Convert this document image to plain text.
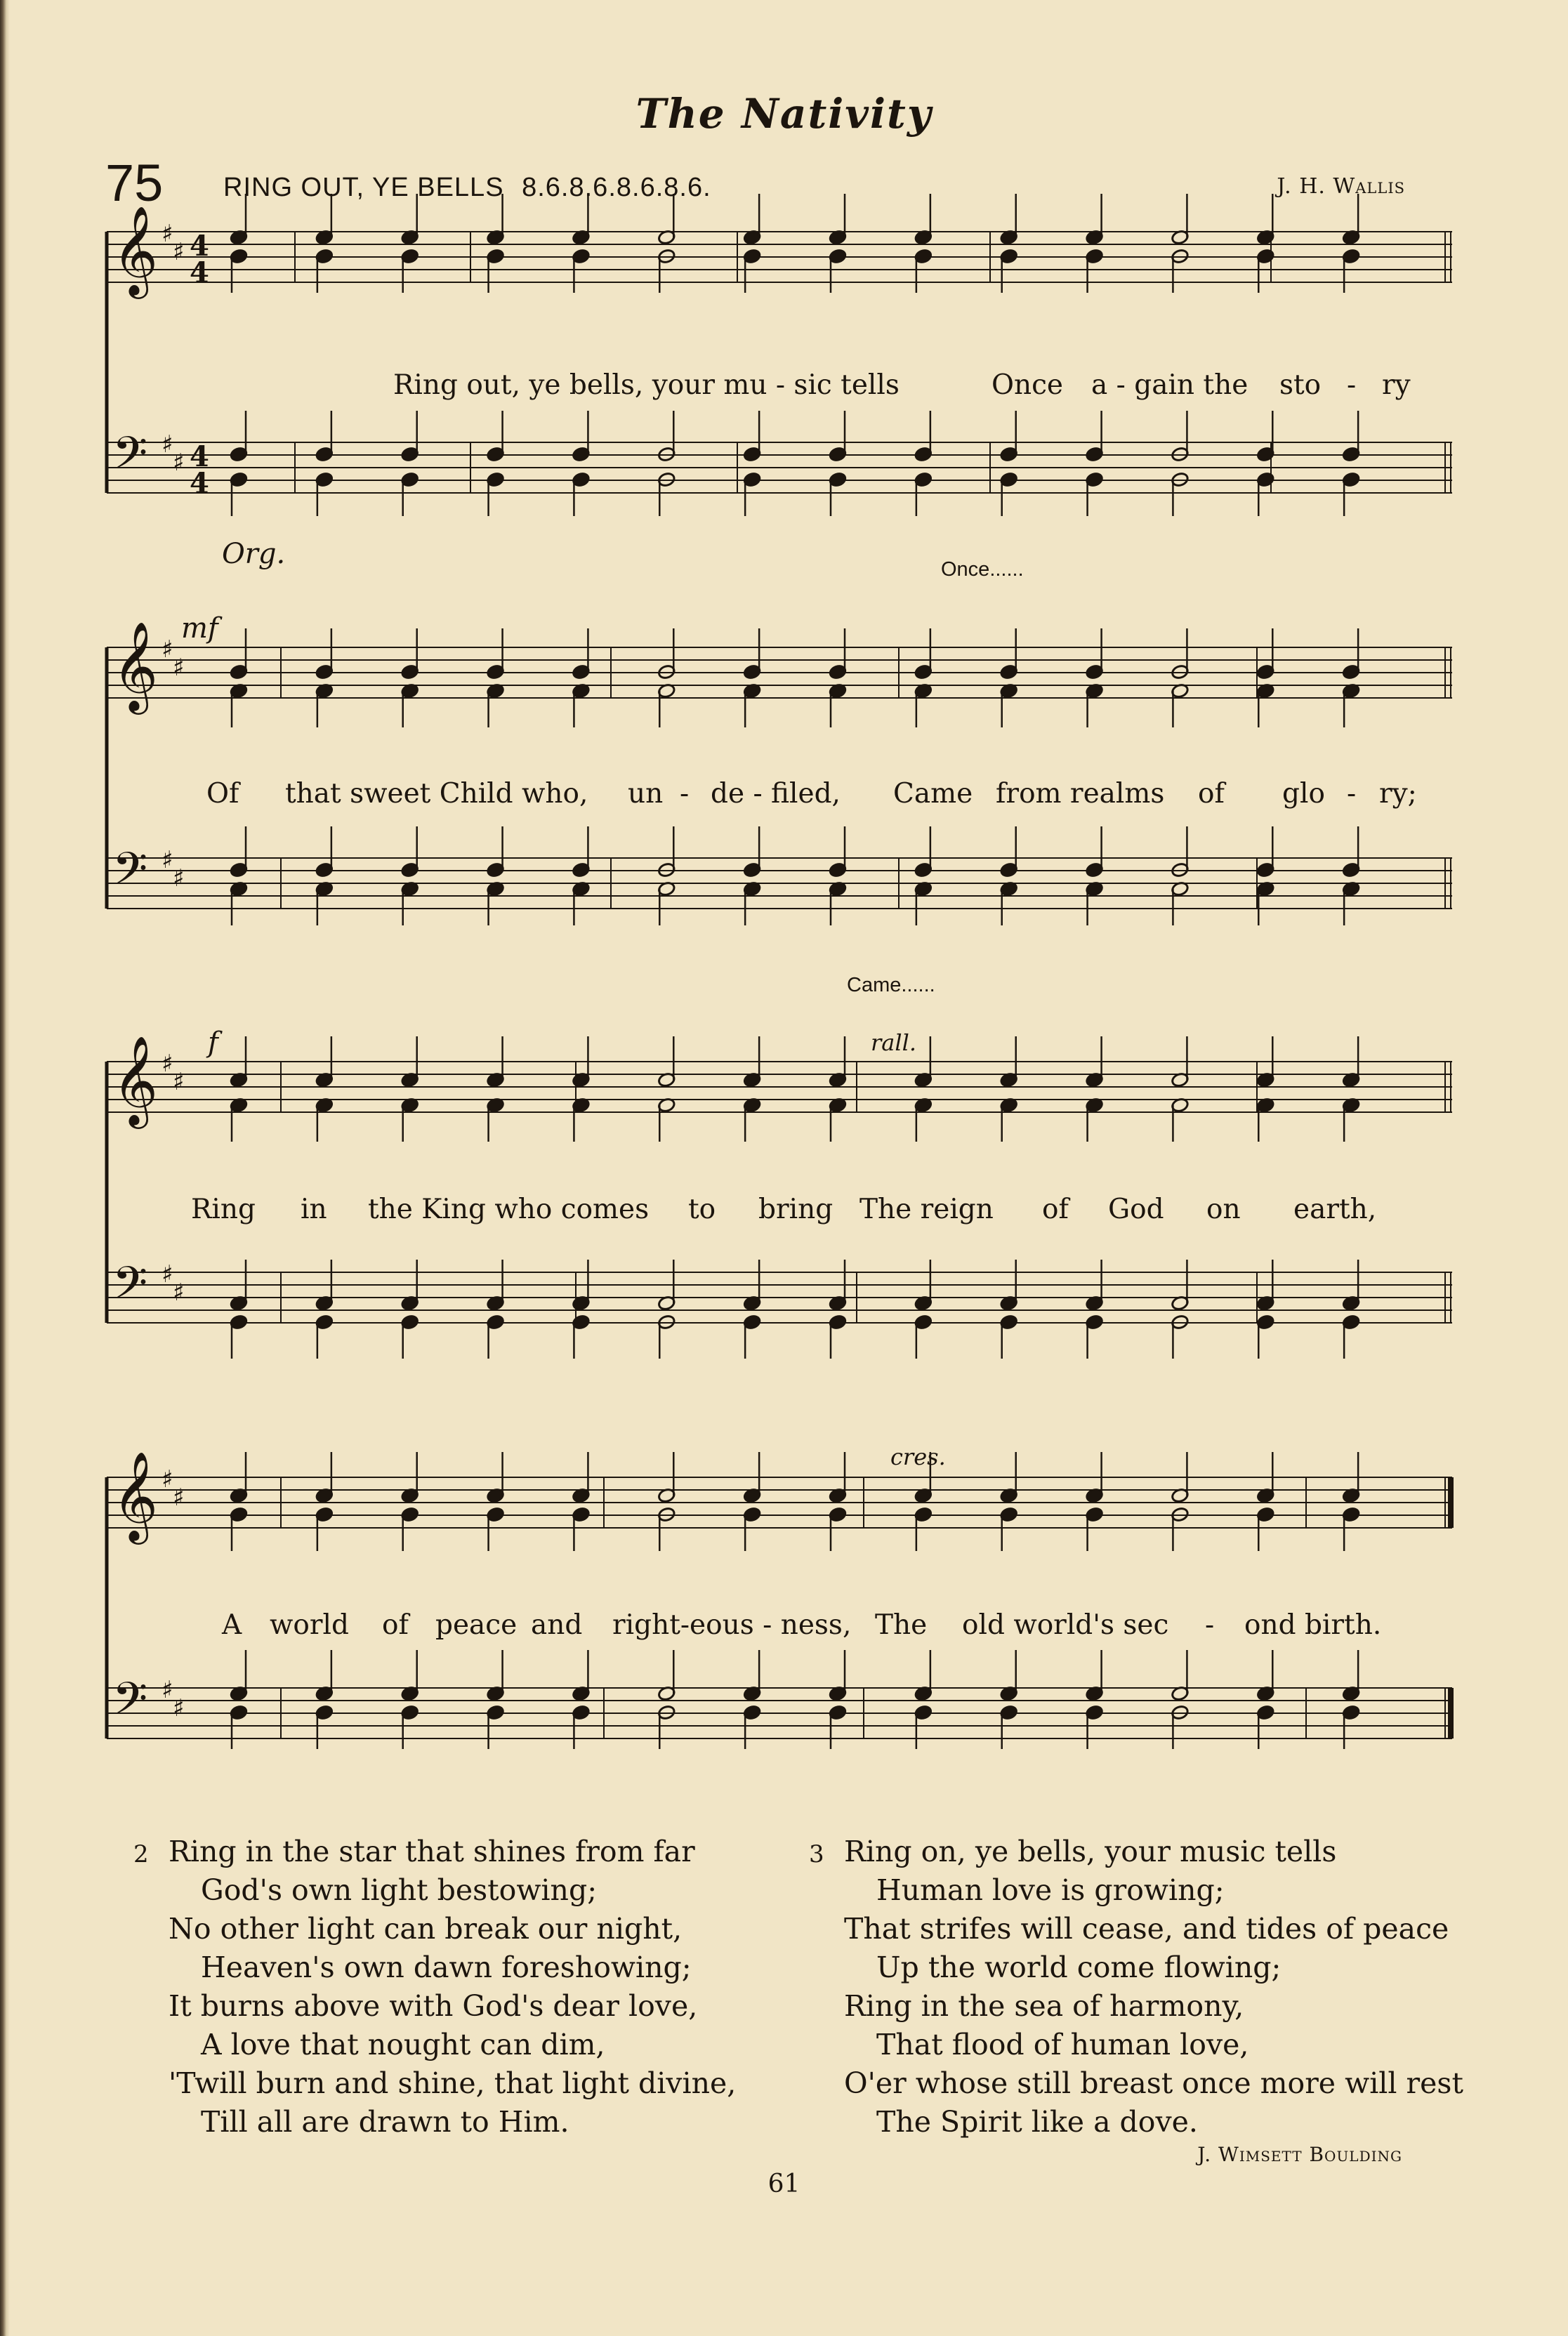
The Nativity
75 RING OUT, YE BELLS 8.6.8.6.8.6.8.6.	J. H. Wallis
𝄞 ♯
♯ 4
4
𝄢 ♯
♯ 4
4
𝄞 ♯
♯
𝄢 ♯
♯
𝄞 ♯
♯
𝄢 ♯
♯
𝄞 ♯
♯
𝄢 ♯
♯
Org.
mf
f	rall.
cres.
Once......
Came......
Ring out, ye bells, your mu - sic tells	Once a - gain the sto - ry
Of that sweet Child who, un - de - filed, Came from realms of glo - ry;
Ring in the King who comes to bring The reign of God on earth,
A world of peace and right-eous - ness, The old world's sec - ond birth.
2 Ring in the star that shines from far
God's own light bestowing;
No other light can break our night,
Heaven's own dawn foreshowing;
It burns above with God's dear love,
A love that nought can dim,
'Twill burn and shine, that light divine,
Till all are drawn to Him.
3 Ring on, ye bells, your music tells
Human love is growing;
That strifes will cease, and tides of peace
Up the world come flowing;
Ring in the sea of harmony,
That flood of human love,
O'er whose still breast once more will rest
The Spirit like a dove.
J. Wimsett Boulding
61
